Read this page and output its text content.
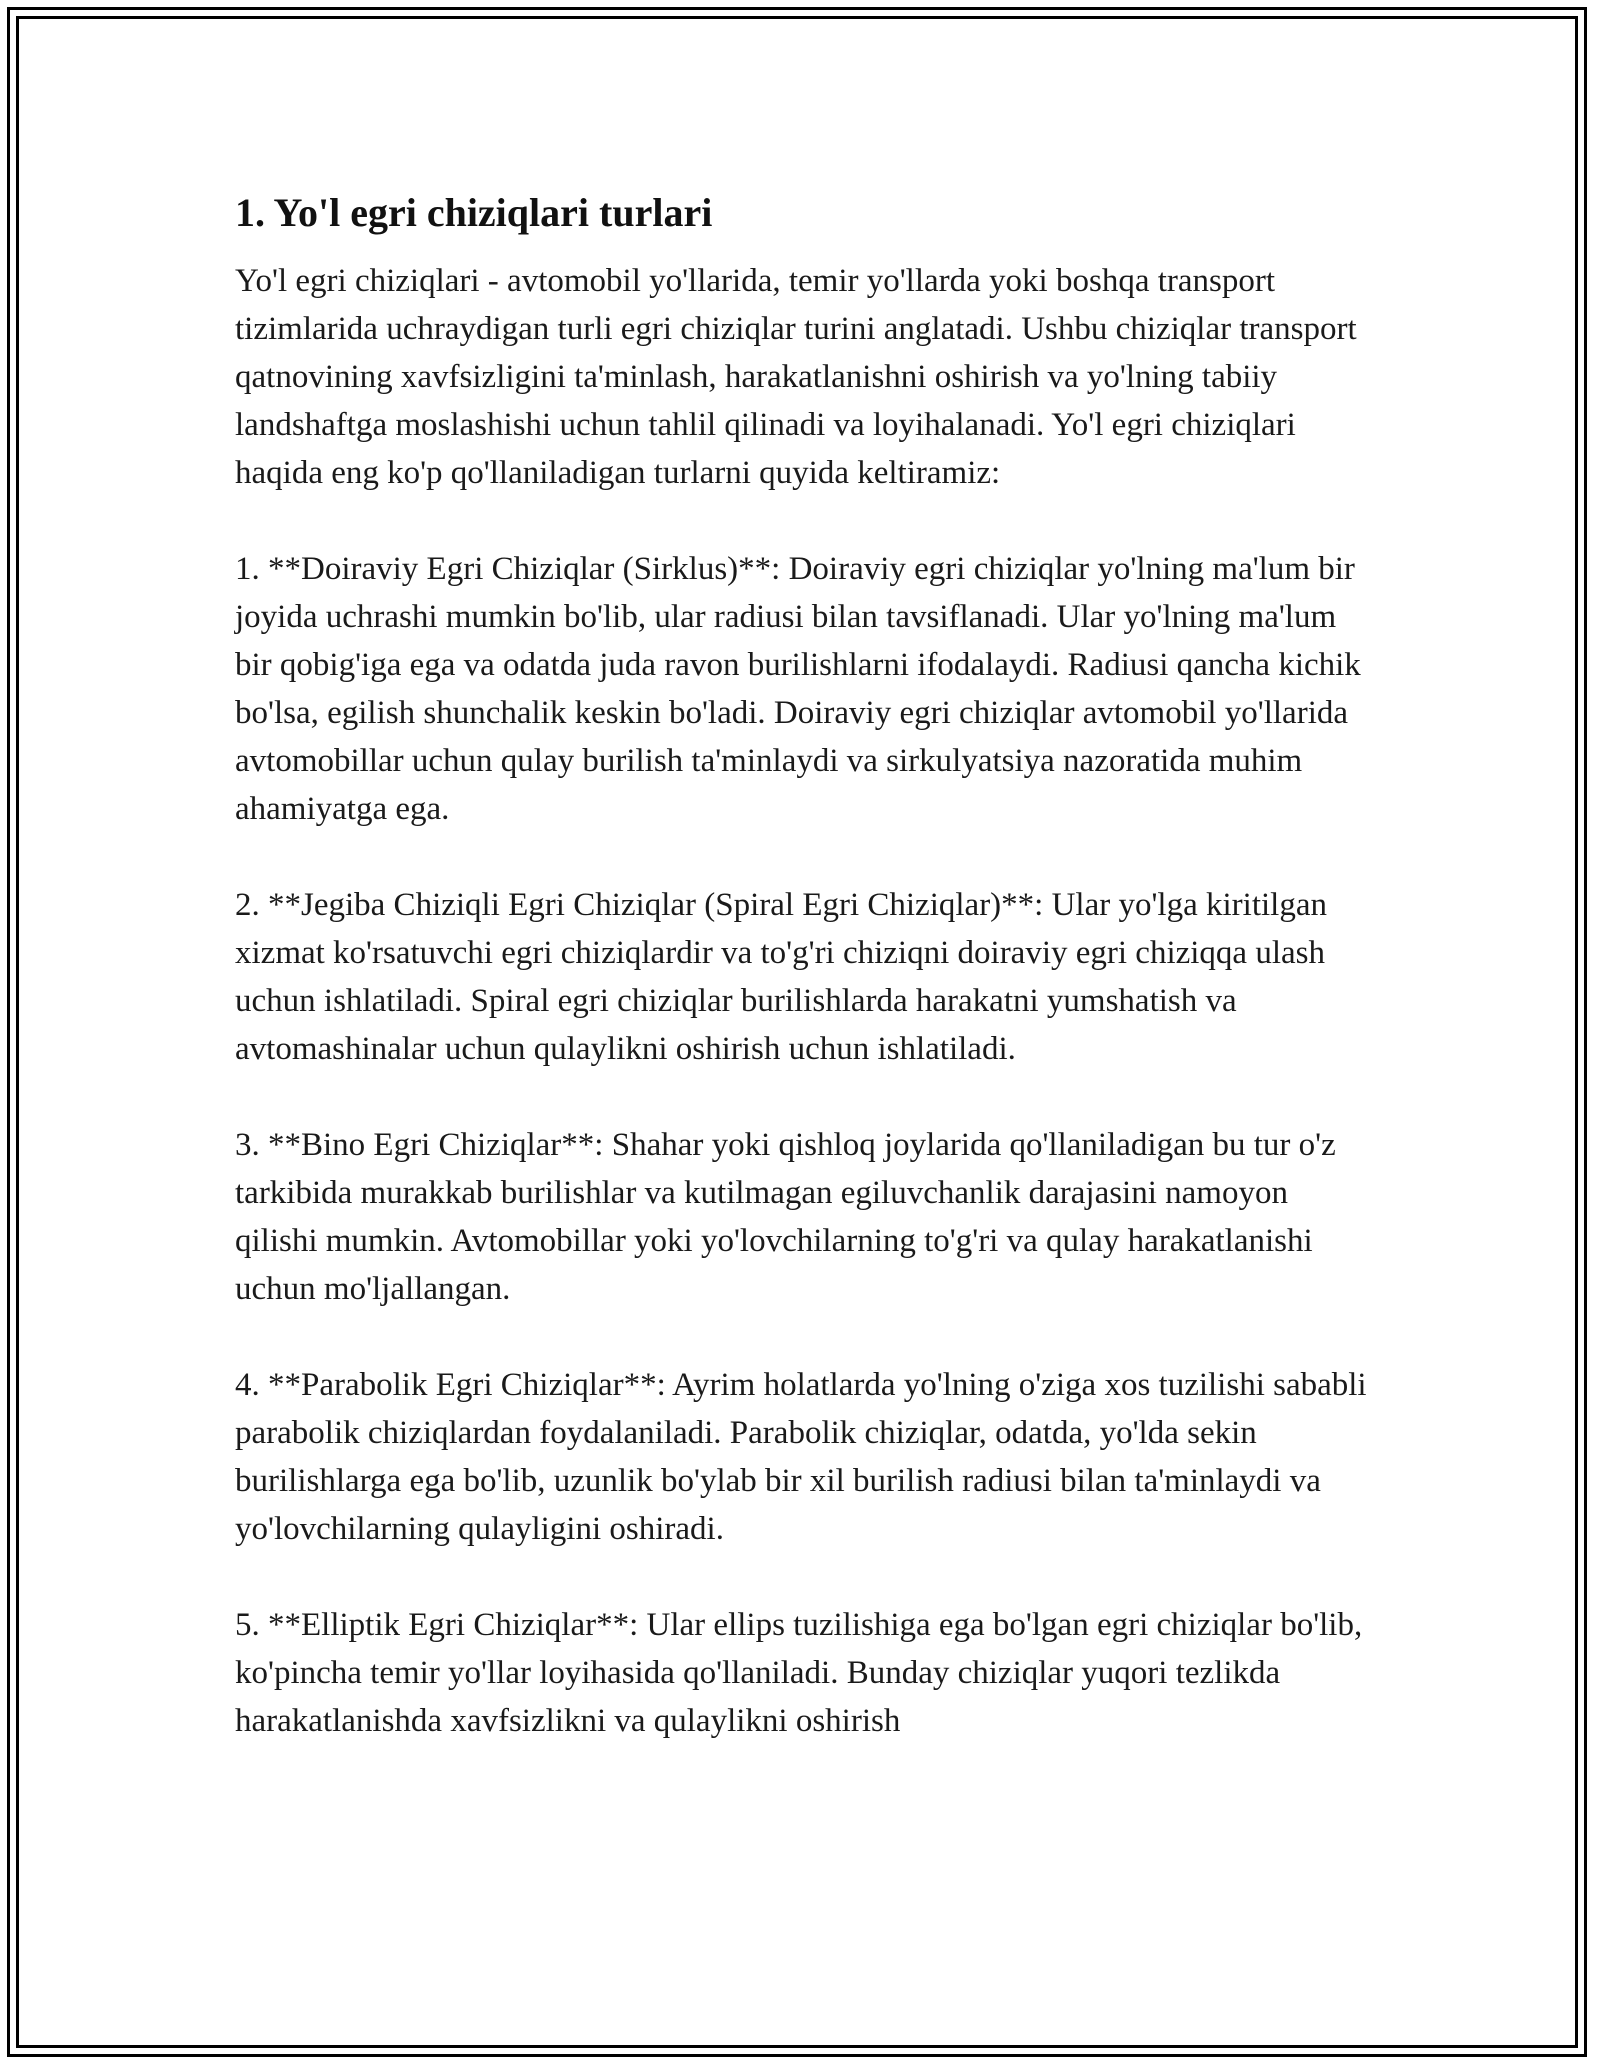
1. Yo'l egri chiziqlari turlari

Yo'l egri chiziqlari - avtomobil yo'llarida, temir yo'llarda yoki boshqa transport tizimlarida uchraydigan turli egri chiziqlar turini anglatadi. Ushbu chiziqlar transport qatnovining xavfsizligini ta'minlash, harakatlanishni oshirish va yo'lning tabiiy landshaftga moslashishi uchun tahlil qilinadi va loyihalanadi. Yo'l egri chiziqlari haqida eng ko'p qo'llaniladigan turlarni quyida keltiramiz:

1. **Doiraviy Egri Chiziqlar (Sirklus)**: Doiraviy egri chiziqlar yo'lning ma'lum bir joyida uchrashi mumkin bo'lib, ular radiusi bilan tavsiflanadi. Ular yo'lning ma'lum bir qobig'iga ega va odatda juda ravon burilishlarni ifodalaydi. Radiusi qancha kichik bo'lsa, egilish shunchalik keskin bo'ladi. Doiraviy egri chiziqlar avtomobil yo'llarida avtomobillar uchun qulay burilish ta'minlaydi va sirkulyatsiya nazoratida muhim ahamiyatga ega.

2. **Jegiba Chiziqli Egri Chiziqlar (Spiral Egri Chiziqlar)**: Ular yo'lga kiritilgan xizmat ko'rsatuvchi egri chiziqlardir va to'g'ri chiziqni doiraviy egri chiziqqa ulash uchun ishlatiladi. Spiral egri chiziqlar burilishlarda harakatni yumshatish va avtomashinalar uchun qulaylikni oshirish uchun ishlatiladi.

3. **Bino Egri Chiziqlar**: Shahar yoki qishloq joylarida qo'llaniladigan bu tur o'z tarkibida murakkab burilishlar va kutilmagan egiluvchanlik darajasini namoyon qilishi mumkin. Avtomobillar yoki yo'lovchilarning to'g'ri va qulay harakatlanishi uchun mo'ljallangan.

4. **Parabolik Egri Chiziqlar**: Ayrim holatlarda yo'lning o'ziga xos tuzilishi sababli parabolik chiziqlardan foydalaniladi. Parabolik chiziqlar, odatda, yo'lda sekin burilishlarga ega bo'lib, uzunlik bo'ylab bir xil burilish radiusi bilan ta'minlaydi va yo'lovchilarning qulayligini oshiradi.

5. **Elliptik Egri Chiziqlar**: Ular ellips tuzilishiga ega bo'lgan egri chiziqlar bo'lib, ko'pincha temir yo'llar loyihasida qo'llaniladi. Bunday chiziqlar yuqori tezlikda harakatlanishda xavfsizlikni va qulaylikni oshirish
